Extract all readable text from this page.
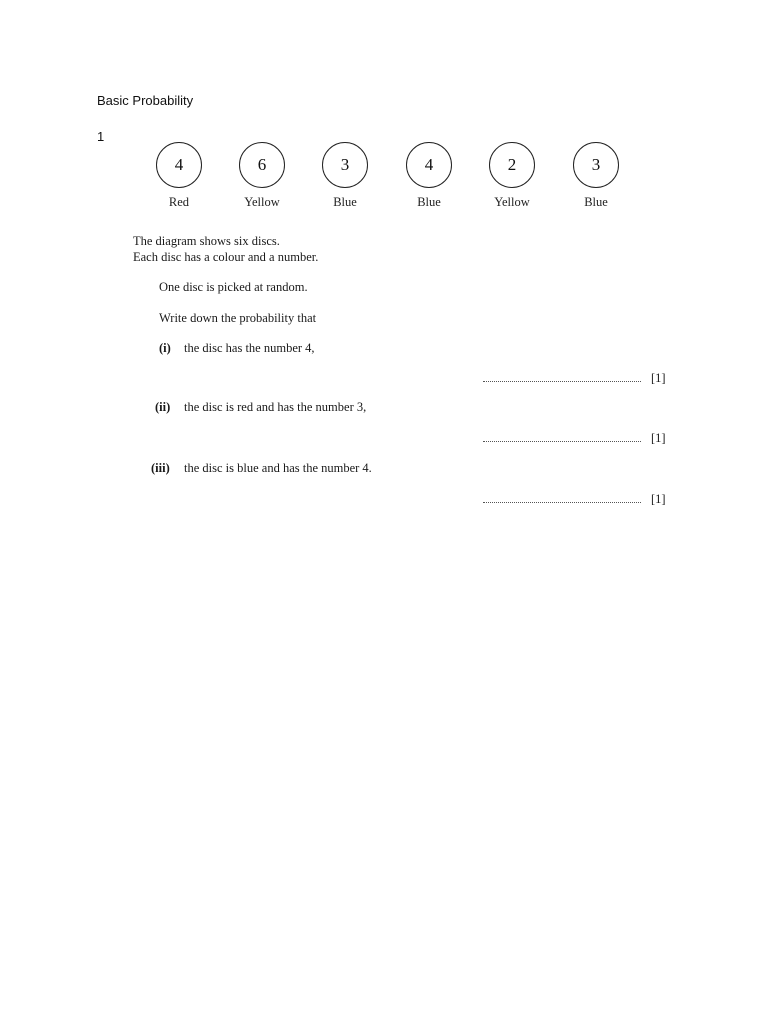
Basic Probability
1
4	6	3	4	2	3
Red	Yellow	Blue	Blue	Yellow	Blue
The diagram shows six discs.
Each disc has a colour and a number.
One disc is picked at random.
Write down the probability that
(i) the disc has the number 4,
[1]
(ii) the disc is red and has the number 3,
[1]
(iii) the disc is blue and has the number 4.
[1]
